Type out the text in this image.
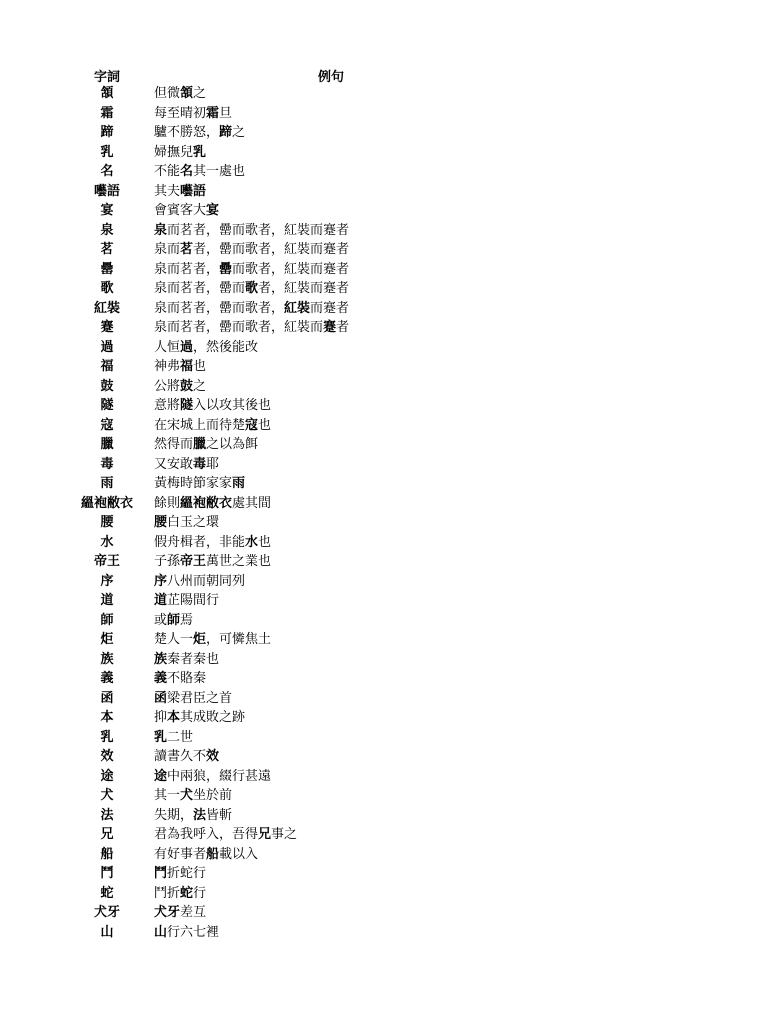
字詞	例句
頷	但微頷之
霜	每至晴初霜旦
蹄	驢不勝怒，蹄之
乳	婦撫兒乳
名	不能名其一處也
囈語	其夫囈語
宴	會賓客大宴
泉	泉而茗者，罍而歌者，紅裝而蹇者
茗	泉而茗者，罍而歌者，紅裝而蹇者
罍	泉而茗者，罍而歌者，紅裝而蹇者
歌	泉而茗者，罍而歌者，紅裝而蹇者
紅裝	泉而茗者，罍而歌者，紅裝而蹇者
蹇	泉而茗者，罍而歌者，紅裝而蹇者
過	人恒過，然後能改
福	神弗福也
鼓	公將鼓之
隧	意將隧入以攻其後也
寇	在宋城上而待楚寇也
臘	然得而臘之以為餌
毒	又安敢毒耶
雨	黃梅時節家家雨
縕袍敝衣	餘則縕袍敝衣處其間
腰	腰白玉之環
水	假舟楫者，非能水也
帝王	子孫帝王萬世之業也
序	序八州而朝同列
道	道芷陽間行
師	或師焉
炬	楚人一炬，可憐焦土
族	族秦者秦也
義	義不賂秦
函	函梁君臣之首
本	抑本其成敗之跡
乳	乳二世
效	讀書久不效
途	途中兩狼，綴行甚遠
犬	其一犬坐於前
法	失期，法皆斬
兄	君為我呼入，吾得兄事之
船	有好事者船載以入
鬥	鬥折蛇行
蛇	鬥折蛇行
犬牙	犬牙差互
山	山行六七裡
